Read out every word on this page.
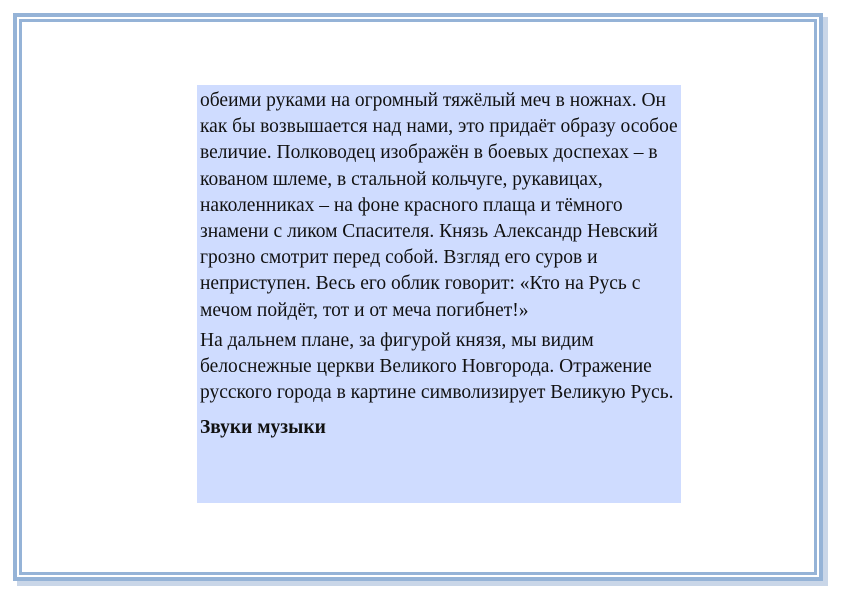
обеими руками на огромный тяжёлый меч в ножнах. Он как бы возвышается над нами, это придаёт образу особое величие. Полководец изображён в боевых доспехах – в кованом шлеме, в стальной кольчуге, рукавицах, наколенниках – на фоне красного плаща и тёмного знамени с ликом Спасителя. Князь Александр Невский грозно смотрит перед собой. Взгляд его суров и неприступен. Весь его облик говорит: «Кто на Русь с мечом пойдёт, тот и от меча погибнет!»

На дальнем плане, за фигурой князя, мы видим белоснежные церкви Великого Новгорода. Отражение русского города в картине символизирует Великую Русь.

Звуки музыки
